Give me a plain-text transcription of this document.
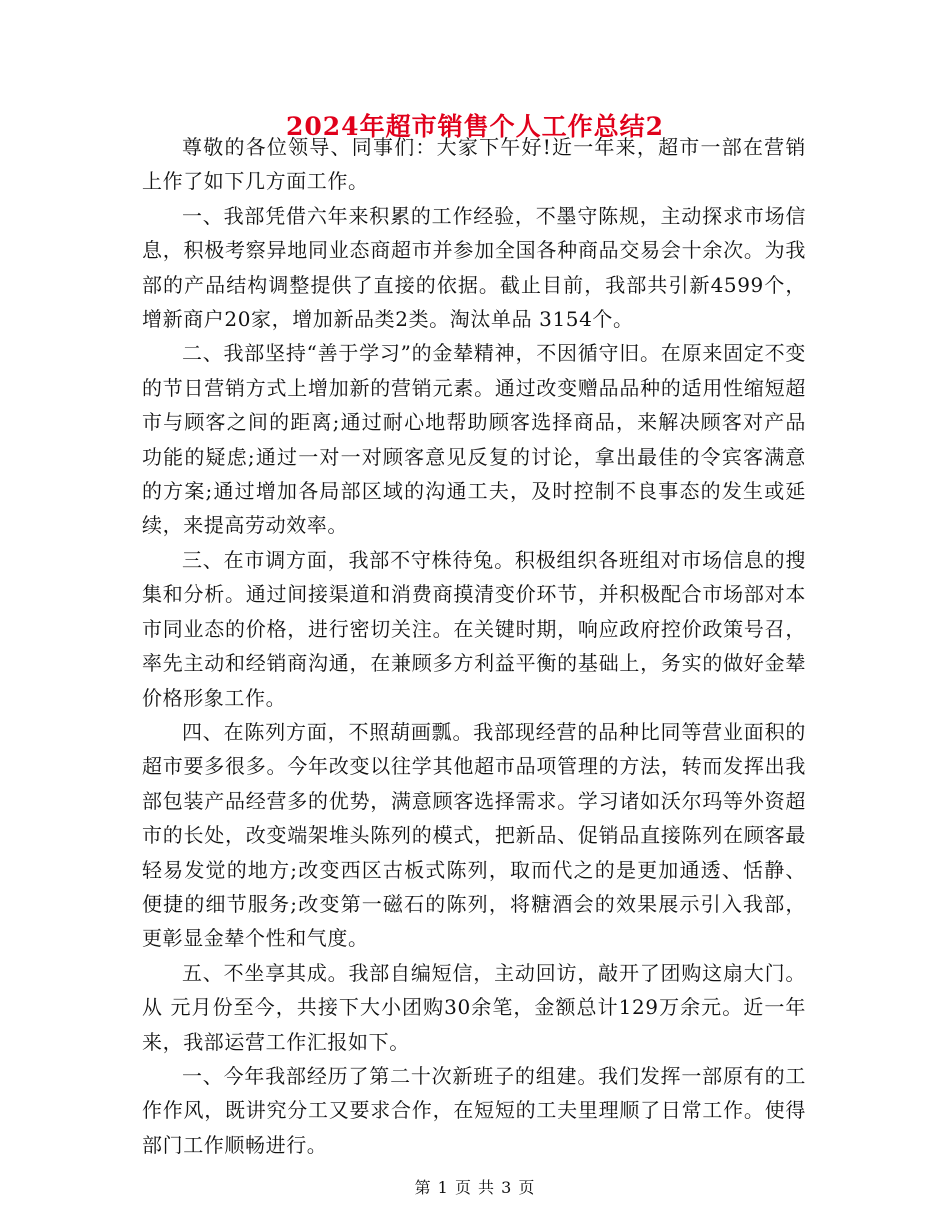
2024年超市销售个人工作总结2

尊敬的各位领导、同事们：大家下午好!近一年来，超市一部在营销上作了如下几方面工作。

一、我部凭借六年来积累的工作经验，不墨守陈规，主动探求市场信息，积极考察异地同业态商超市并参加全国各种商品交易会十余次。为我部的产品结构调整提供了直接的依据。截止目前，我部共引新4599个，增新商户20家，增加新品类2类。淘汰单品 3154个。

二、我部坚持“善于学习”的金辇精神，不因循守旧。在原来固定不变的节日营销方式上增加新的营销元素。通过改变赠品品种的适用性缩短超市与顾客之间的距离;通过耐心地帮助顾客选择商品，来解决顾客对产品功能的疑虑;通过一对一对顾客意见反复的讨论，拿出最佳的令宾客满意的方案;通过增加各局部区域的沟通工夫，及时控制不良事态的发生或延续，来提高劳动效率。

三、在市调方面，我部不守株待兔。积极组织各班组对市场信息的搜集和分析。通过间接渠道和消费商摸清变价环节，并积极配合市场部对本市同业态的价格，进行密切关注。在关键时期，响应政府控价政策号召，率先主动和经销商沟通，在兼顾多方利益平衡的基础上，务实的做好金辇价格形象工作。

四、在陈列方面，不照葫画瓢。我部现经营的品种比同等营业面积的超市要多很多。今年改变以往学其他超市品项管理的方法，转而发挥出我部包装产品经营多的优势，满意顾客选择需求。学习诸如沃尔玛等外资超市的长处，改变端架堆头陈列的模式，把新品、促销品直接陈列在顾客最轻易发觉的地方;改变西区古板式陈列，取而代之的是更加通透、恬静、便捷的细节服务;改变第一磁石的陈列，将糖酒会的效果展示引入我部，更彰显金辇个性和气度。

五、不坐享其成。我部自编短信，主动回访，敲开了团购这扇大门。从 元月份至今，共接下大小团购30余笔，金额总计129万余元。近一年来，我部运营工作汇报如下。

一、今年我部经历了第二十次新班子的组建。我们发挥一部原有的工作作风，既讲究分工又要求合作，在短短的工夫里理顺了日常工作。使得部门工作顺畅进行。

第 1 页 共 3 页
